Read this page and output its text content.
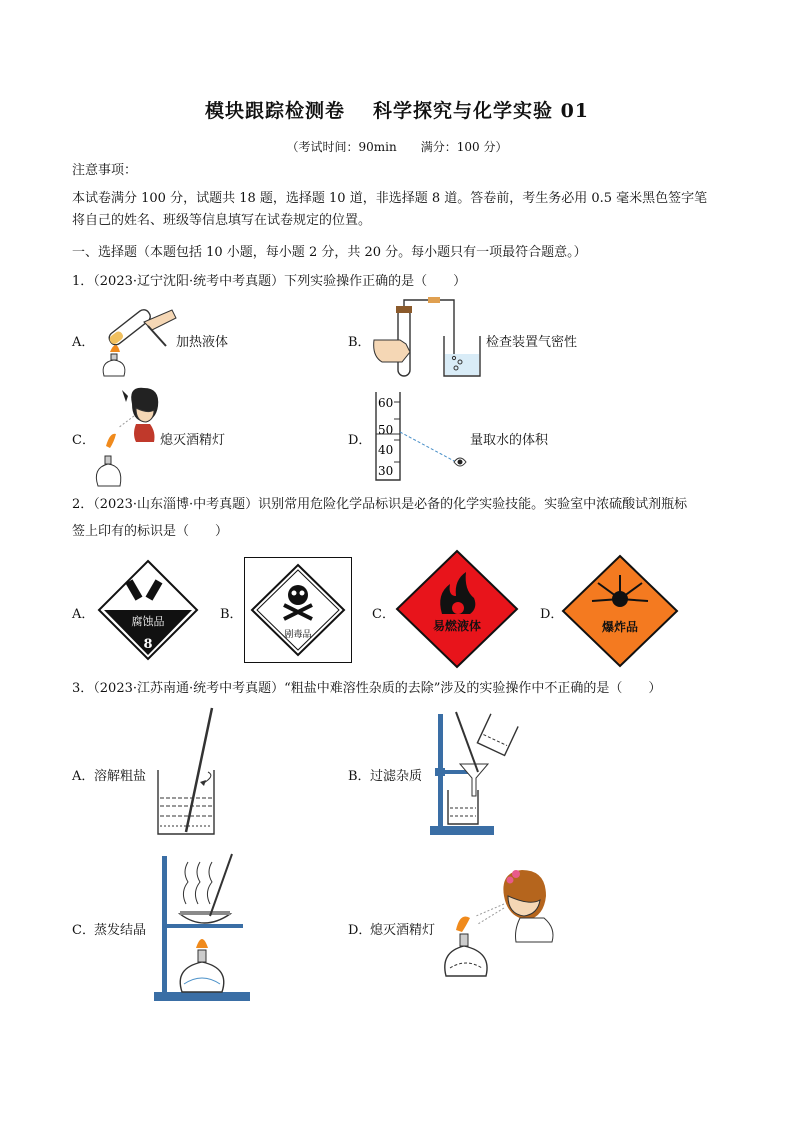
模块跟踪检测卷 科学探究与化学实验 01
（考试时间：90min　　满分：100 分）
注意事项：
本试卷满分 100 分，试题共 18 题，选择题 10 道，非选择题 8 道。答卷前，考生务必用 0.5 毫米黑色签字笔
将自己的姓名、班级等信息填写在试卷规定的位置。
一、选择题（本题包括 10 小题，每小题 2 分，共 20 分。每小题只有一项最符合题意。）
1．（2023·辽宁沈阳·统考中考真题）下列实验操作正确的是（　　）
A．	加热液体	B．	检查装置气密性
C．	熄灭酒精灯	D．
60
50
40
30
量取水的体积
2．（2023·山东淄博·中考真题）识别常用危险化学品标识是必备的化学实验技能。实验室中浓硫酸试剂瓶标
签上印有的标识是（　　）
A．	腐蚀品
8
B．
剧毒品
C．
易燃液体
D．
爆炸品
3．（2023·江苏南通·统考中考真题）“粗盐中难溶性杂质的去除”涉及的实验操作中不正确的是（　　）
A． 溶解粗盐	B． 过滤杂质
C． 蒸发结晶	D．
熄灭酒精灯
